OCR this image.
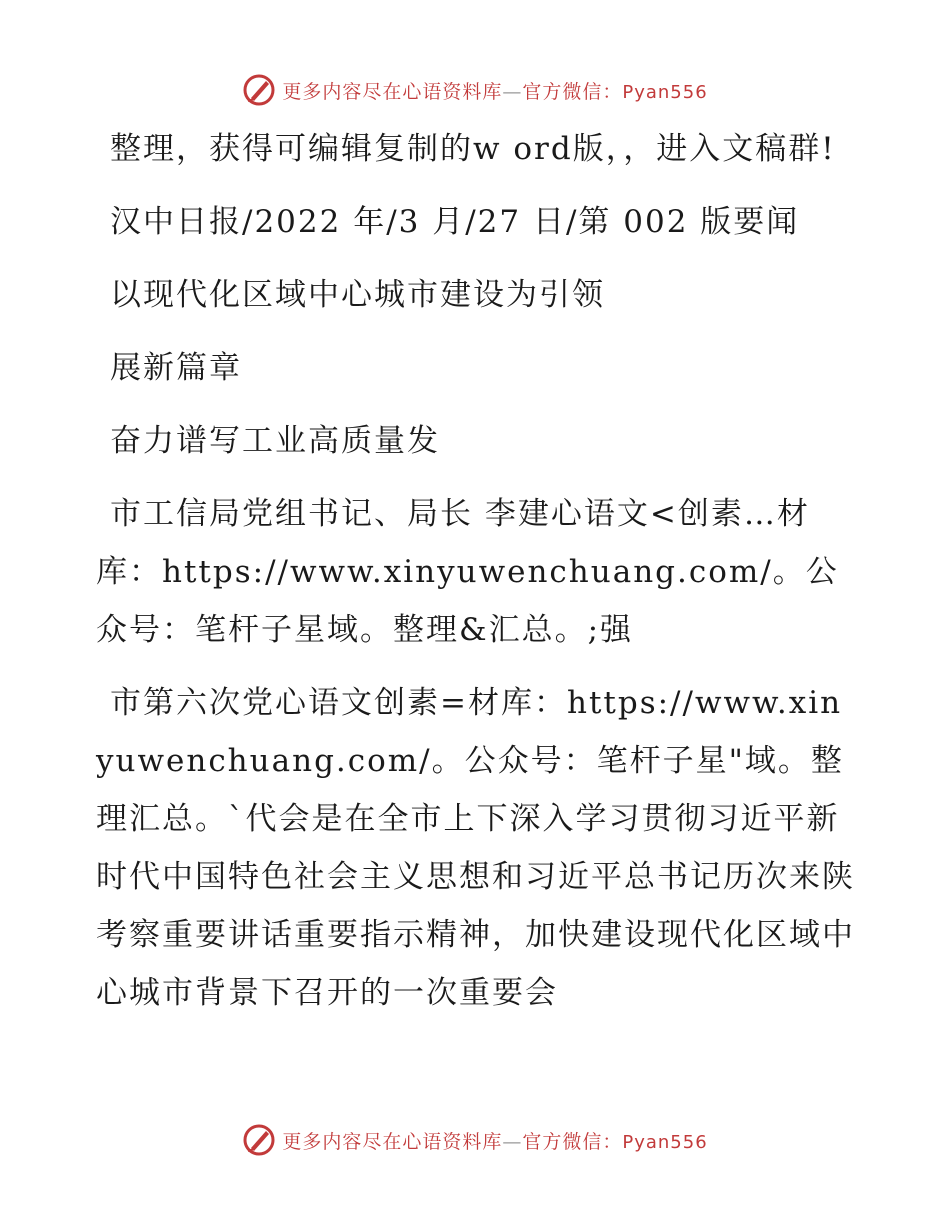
更多内容尽在心语资料库—官方微信：Pyan556

整理，获得可编辑复制的w ord版，，进入文稿群!

汉中日报/2022 年/3 月/27 日/第 002 版要闻

以现代化区域中心城市建设为引领

展新篇章

奋力谱写工业高质量发

市工信局党组书记、局长 李建心语文<创素…材库：https://www.xinyuwenchuang.com/。公众号：笔杆子星域。整理&汇总。;强

市第六次党心语文创素=材库：https://www.xinyuwenchuang.com/。公众号：笔杆子星"域。整理汇总。`代会是在全市上下深入学习贯彻习近平新时代中国特色社会主义思想和习近平总书记历次来陕考察重要讲话重要指示精神，加快建设现代化区域中心城市背景下召开的一次重要会

更多内容尽在心语资料库—官方微信：Pyan556
